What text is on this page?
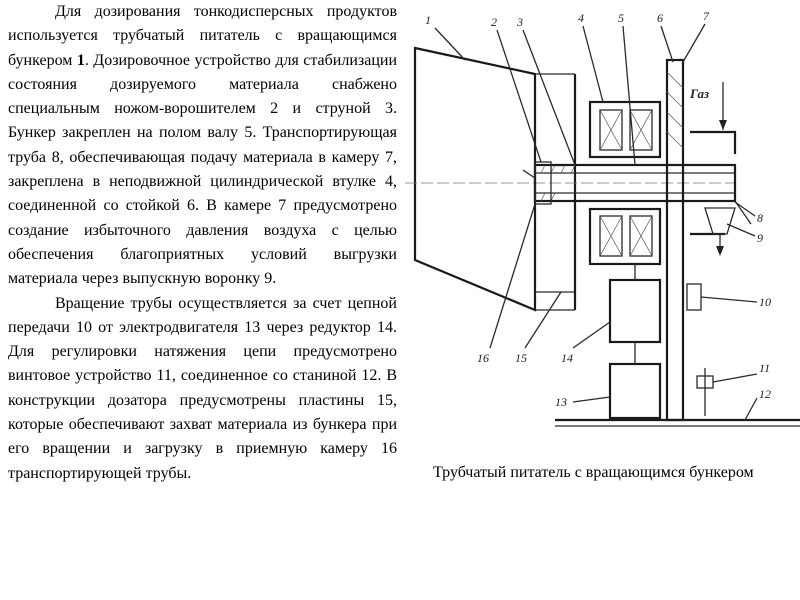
Для дозирования тонкодисперсных продуктов используется трубчатый питатель с вращающимся бункером 1. Дозировочное устройство для стабилизации состояния дозируемого материала снабжено специальным ножом-ворошителем 2 и струной 3. Бункер закреплен на полом валу 5. Транспортирующая труба 8, обеспечивающая подачу материала в камеру 7, закреплена в неподвижной цилиндрической втулке 4, соединенной со стойкой 6. В камере 7 предусмотрено создание избыточного давления воздуха с целью обеспечения благоприятных условий выгрузки материала через выпускную воронку 9.

Вращение трубы осуществляется за счет цепной передачи 10 от электродвигателя 13 через редуктор 14. Для регулировки натяжения цепи предусмотрено винтовое устройство 11, соединенное со станиной 12. В конструкции дозатора предусмотрены пластины 15, которые обеспечивают захват материала из бункера при его вращении и загрузку в приемную камеру 16 транспортирующей трубы.

Газ
1	2 3	4	5	6	7
8
9
10
11
12
13
14
15
16

Трубчатый питатель с вращающимся бункером
